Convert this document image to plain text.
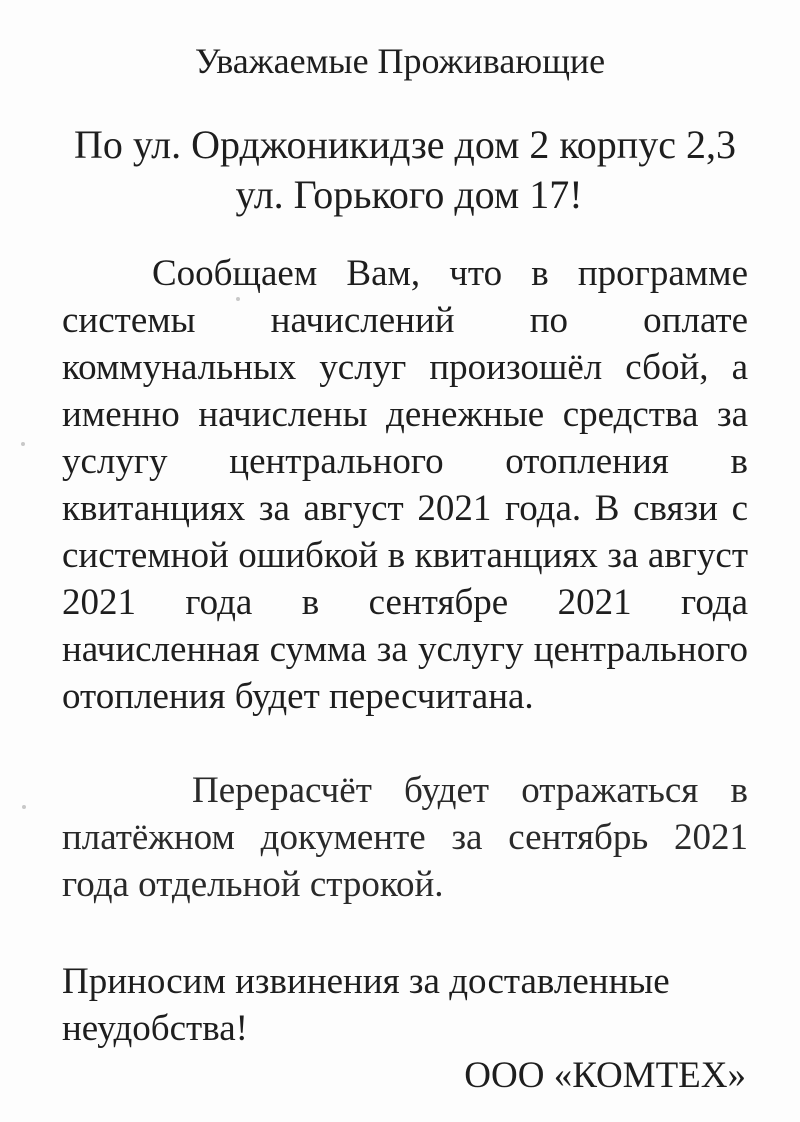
Уважаемые Проживающие
По ул. Орджоникидзе дом 2 корпус 2,3
ул. Горького дом 17!

Сообщаем Вам, что в программе системы начислений по оплате коммунальных услуг произошёл сбой, а именно начислены денежные средства за услугу центрального отопления в квитанциях за август 2021 года. В связи с системной ошибкой в квитанциях за август 2021 года в сентябре 2021 года начисленная сумма за услугу центрального отопления будет пересчитана.

Перерасчёт будет отражаться в платёжном документе за сентябрь 2021 года отдельной строкой.

Приносим извинения за доставленные неудобства!

ООО «КОМТЕХ»
